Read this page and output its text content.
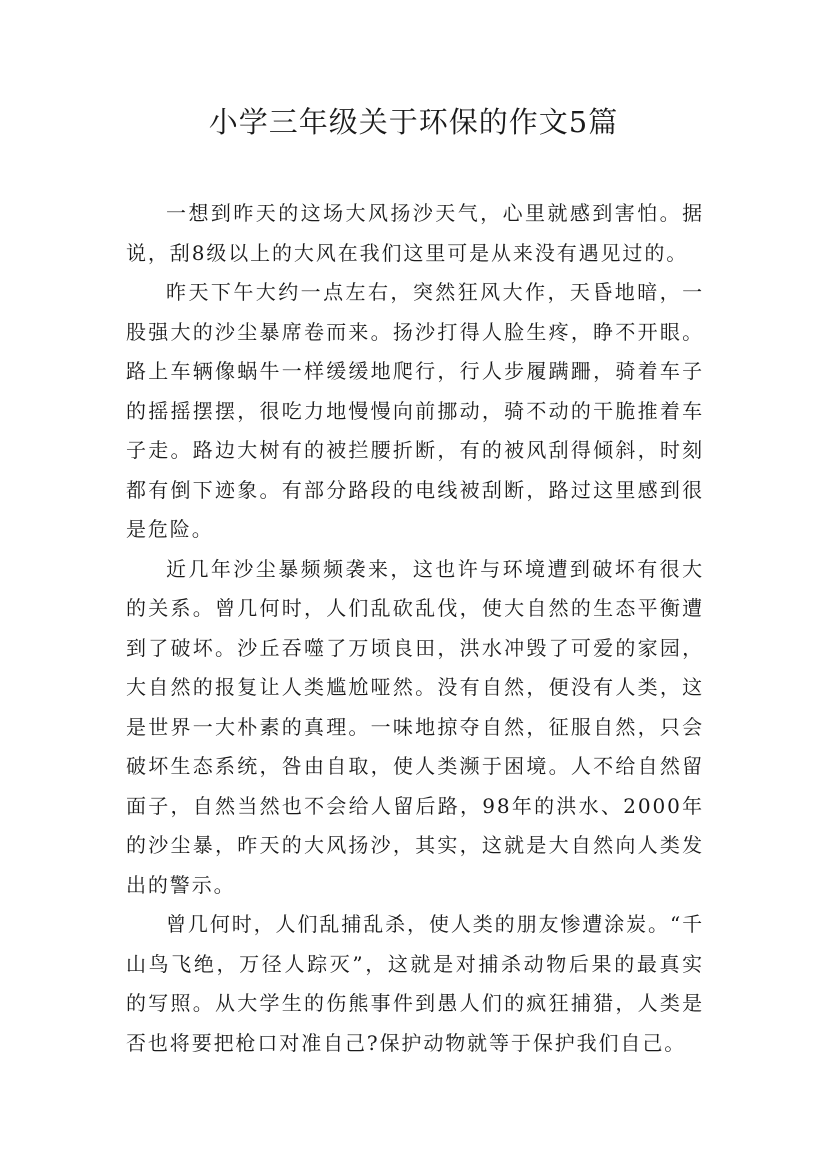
小学三年级关于环保的作文5篇

一想到昨天的这场大风扬沙天气，心里就感到害怕。据说，刮8级以上的大风在我们这里可是从来没有遇见过的。

昨天下午大约一点左右，突然狂风大作，天昏地暗，一股强大的沙尘暴席卷而来。扬沙打得人脸生疼，睁不开眼。路上车辆像蜗牛一样缓缓地爬行，行人步履蹒跚，骑着车子的摇摇摆摆，很吃力地慢慢向前挪动，骑不动的干脆推着车子走。路边大树有的被拦腰折断，有的被风刮得倾斜，时刻都有倒下迹象。有部分路段的电线被刮断，路过这里感到很是危险。

近几年沙尘暴频频袭来，这也许与环境遭到破坏有很大的关系。曾几何时，人们乱砍乱伐，使大自然的生态平衡遭到了破坏。沙丘吞噬了万顷良田，洪水冲毁了可爱的家园，大自然的报复让人类尴尬哑然。没有自然，便没有人类，这是世界一大朴素的真理。一味地掠夺自然，征服自然，只会破坏生态系统，咎由自取，使人类濒于困境。人不给自然留面子，自然当然也不会给人留后路，98年的洪水、2000年的沙尘暴，昨天的大风扬沙，其实，这就是大自然向人类发出的警示。

曾几何时，人们乱捕乱杀，使人类的朋友惨遭涂炭。“千山鸟飞绝，万径人踪灭”，这就是对捕杀动物后果的最真实的写照。从大学生的伤熊事件到愚人们的疯狂捕猎，人类是否也将要把枪口对准自己?保护动物就等于保护我们自己。
